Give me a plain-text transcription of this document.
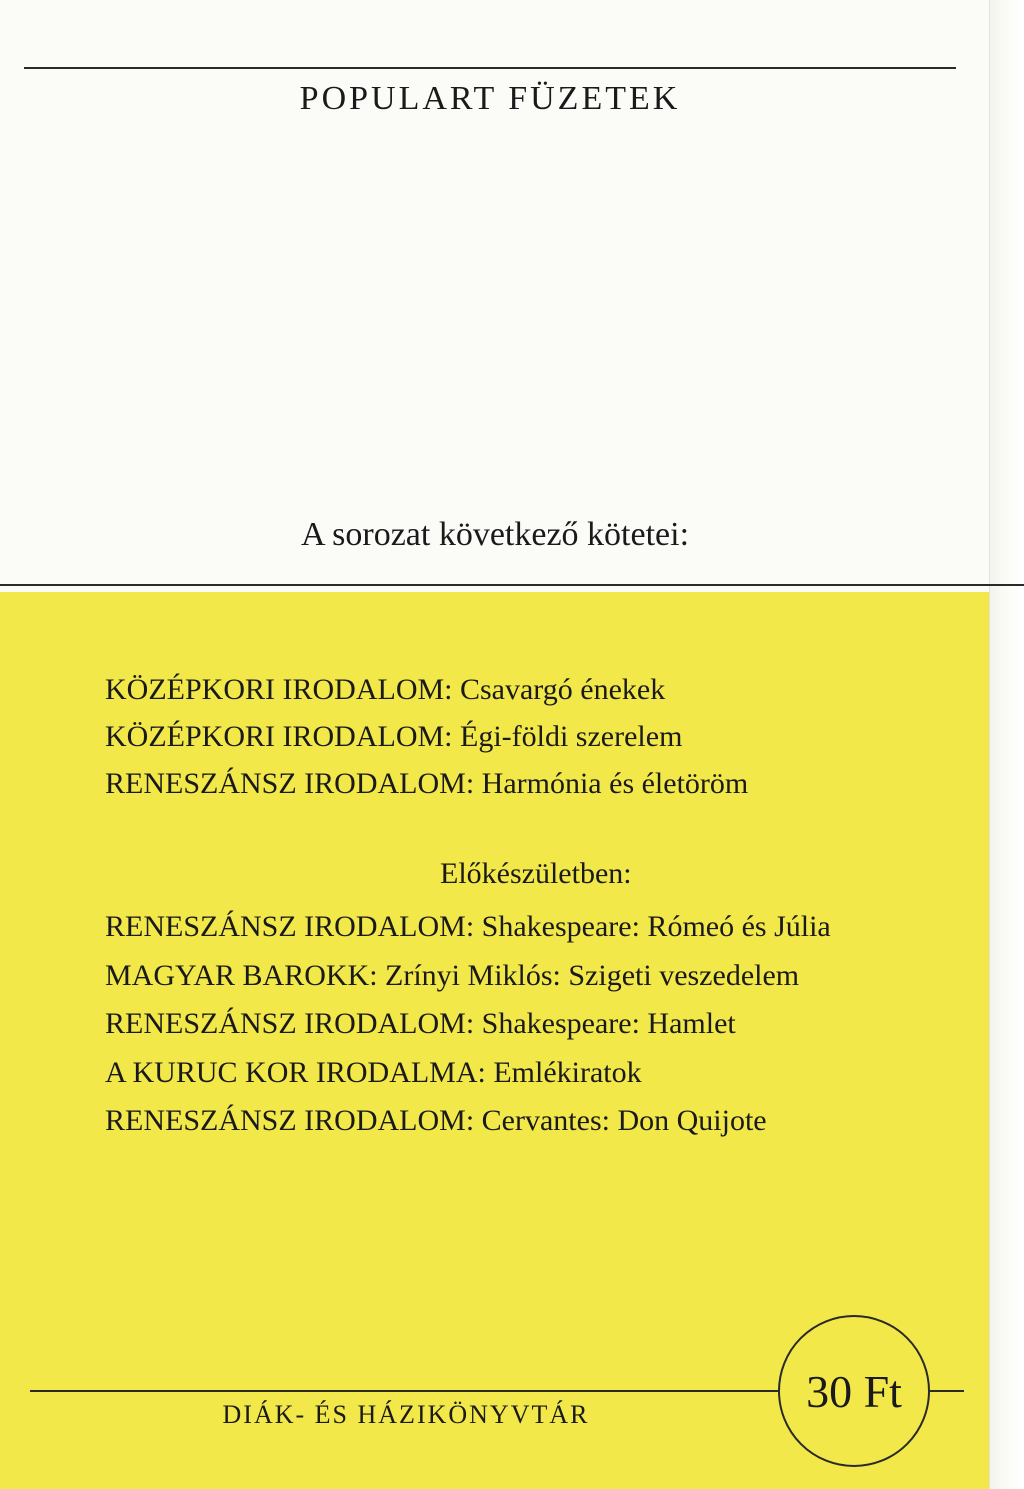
POPULART FÜZETEK
A sorozat következő kötetei:
KÖZÉPKORI IRODALOM: Csavargó énekek
KÖZÉPKORI IRODALOM: Égi-földi szerelem
RENESZÁNSZ IRODALOM: Harmónia és életöröm
Előkészületben:
RENESZÁNSZ IRODALOM: Shakespeare: Rómeó és Júlia
MAGYAR BAROKK: Zrínyi Miklós: Szigeti veszedelem
RENESZÁNSZ IRODALOM: Shakespeare: Hamlet
A KURUC KOR IRODALMA: Emlékiratok
RENESZÁNSZ IRODALOM: Cervantes: Don Quijote
DIÁK- ÉS HÁZIKÖNYVTÁR	30 Ft
